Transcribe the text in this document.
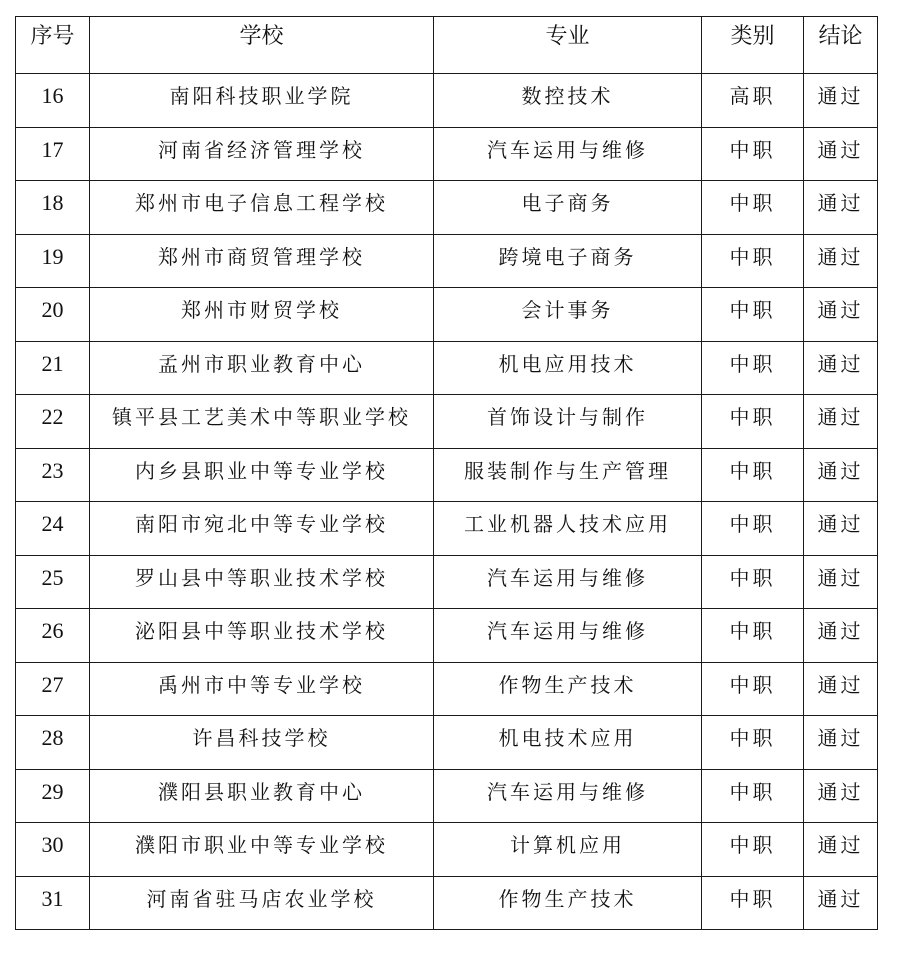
序号	学校	专业	类别	结论
16	南阳科技职业学院	数控技术	高职	通过
17	河南省经济管理学校	汽车运用与维修	中职	通过
18	郑州市电子信息工程学校	电子商务	中职	通过
19	郑州市商贸管理学校	跨境电子商务	中职	通过
20	郑州市财贸学校	会计事务	中职	通过
21	孟州市职业教育中心	机电应用技术	中职	通过
22	镇平县工艺美术中等职业学校	首饰设计与制作	中职	通过
23	内乡县职业中等专业学校	服装制作与生产管理	中职	通过
24	南阳市宛北中等专业学校	工业机器人技术应用	中职	通过
25	罗山县中等职业技术学校	汽车运用与维修	中职	通过
26	泌阳县中等职业技术学校	汽车运用与维修	中职	通过
27	禹州市中等专业学校	作物生产技术	中职	通过
28	许昌科技学校	机电技术应用	中职	通过
29	濮阳县职业教育中心	汽车运用与维修	中职	通过
30	濮阳市职业中等专业学校	计算机应用	中职	通过
31	河南省驻马店农业学校	作物生产技术	中职	通过
